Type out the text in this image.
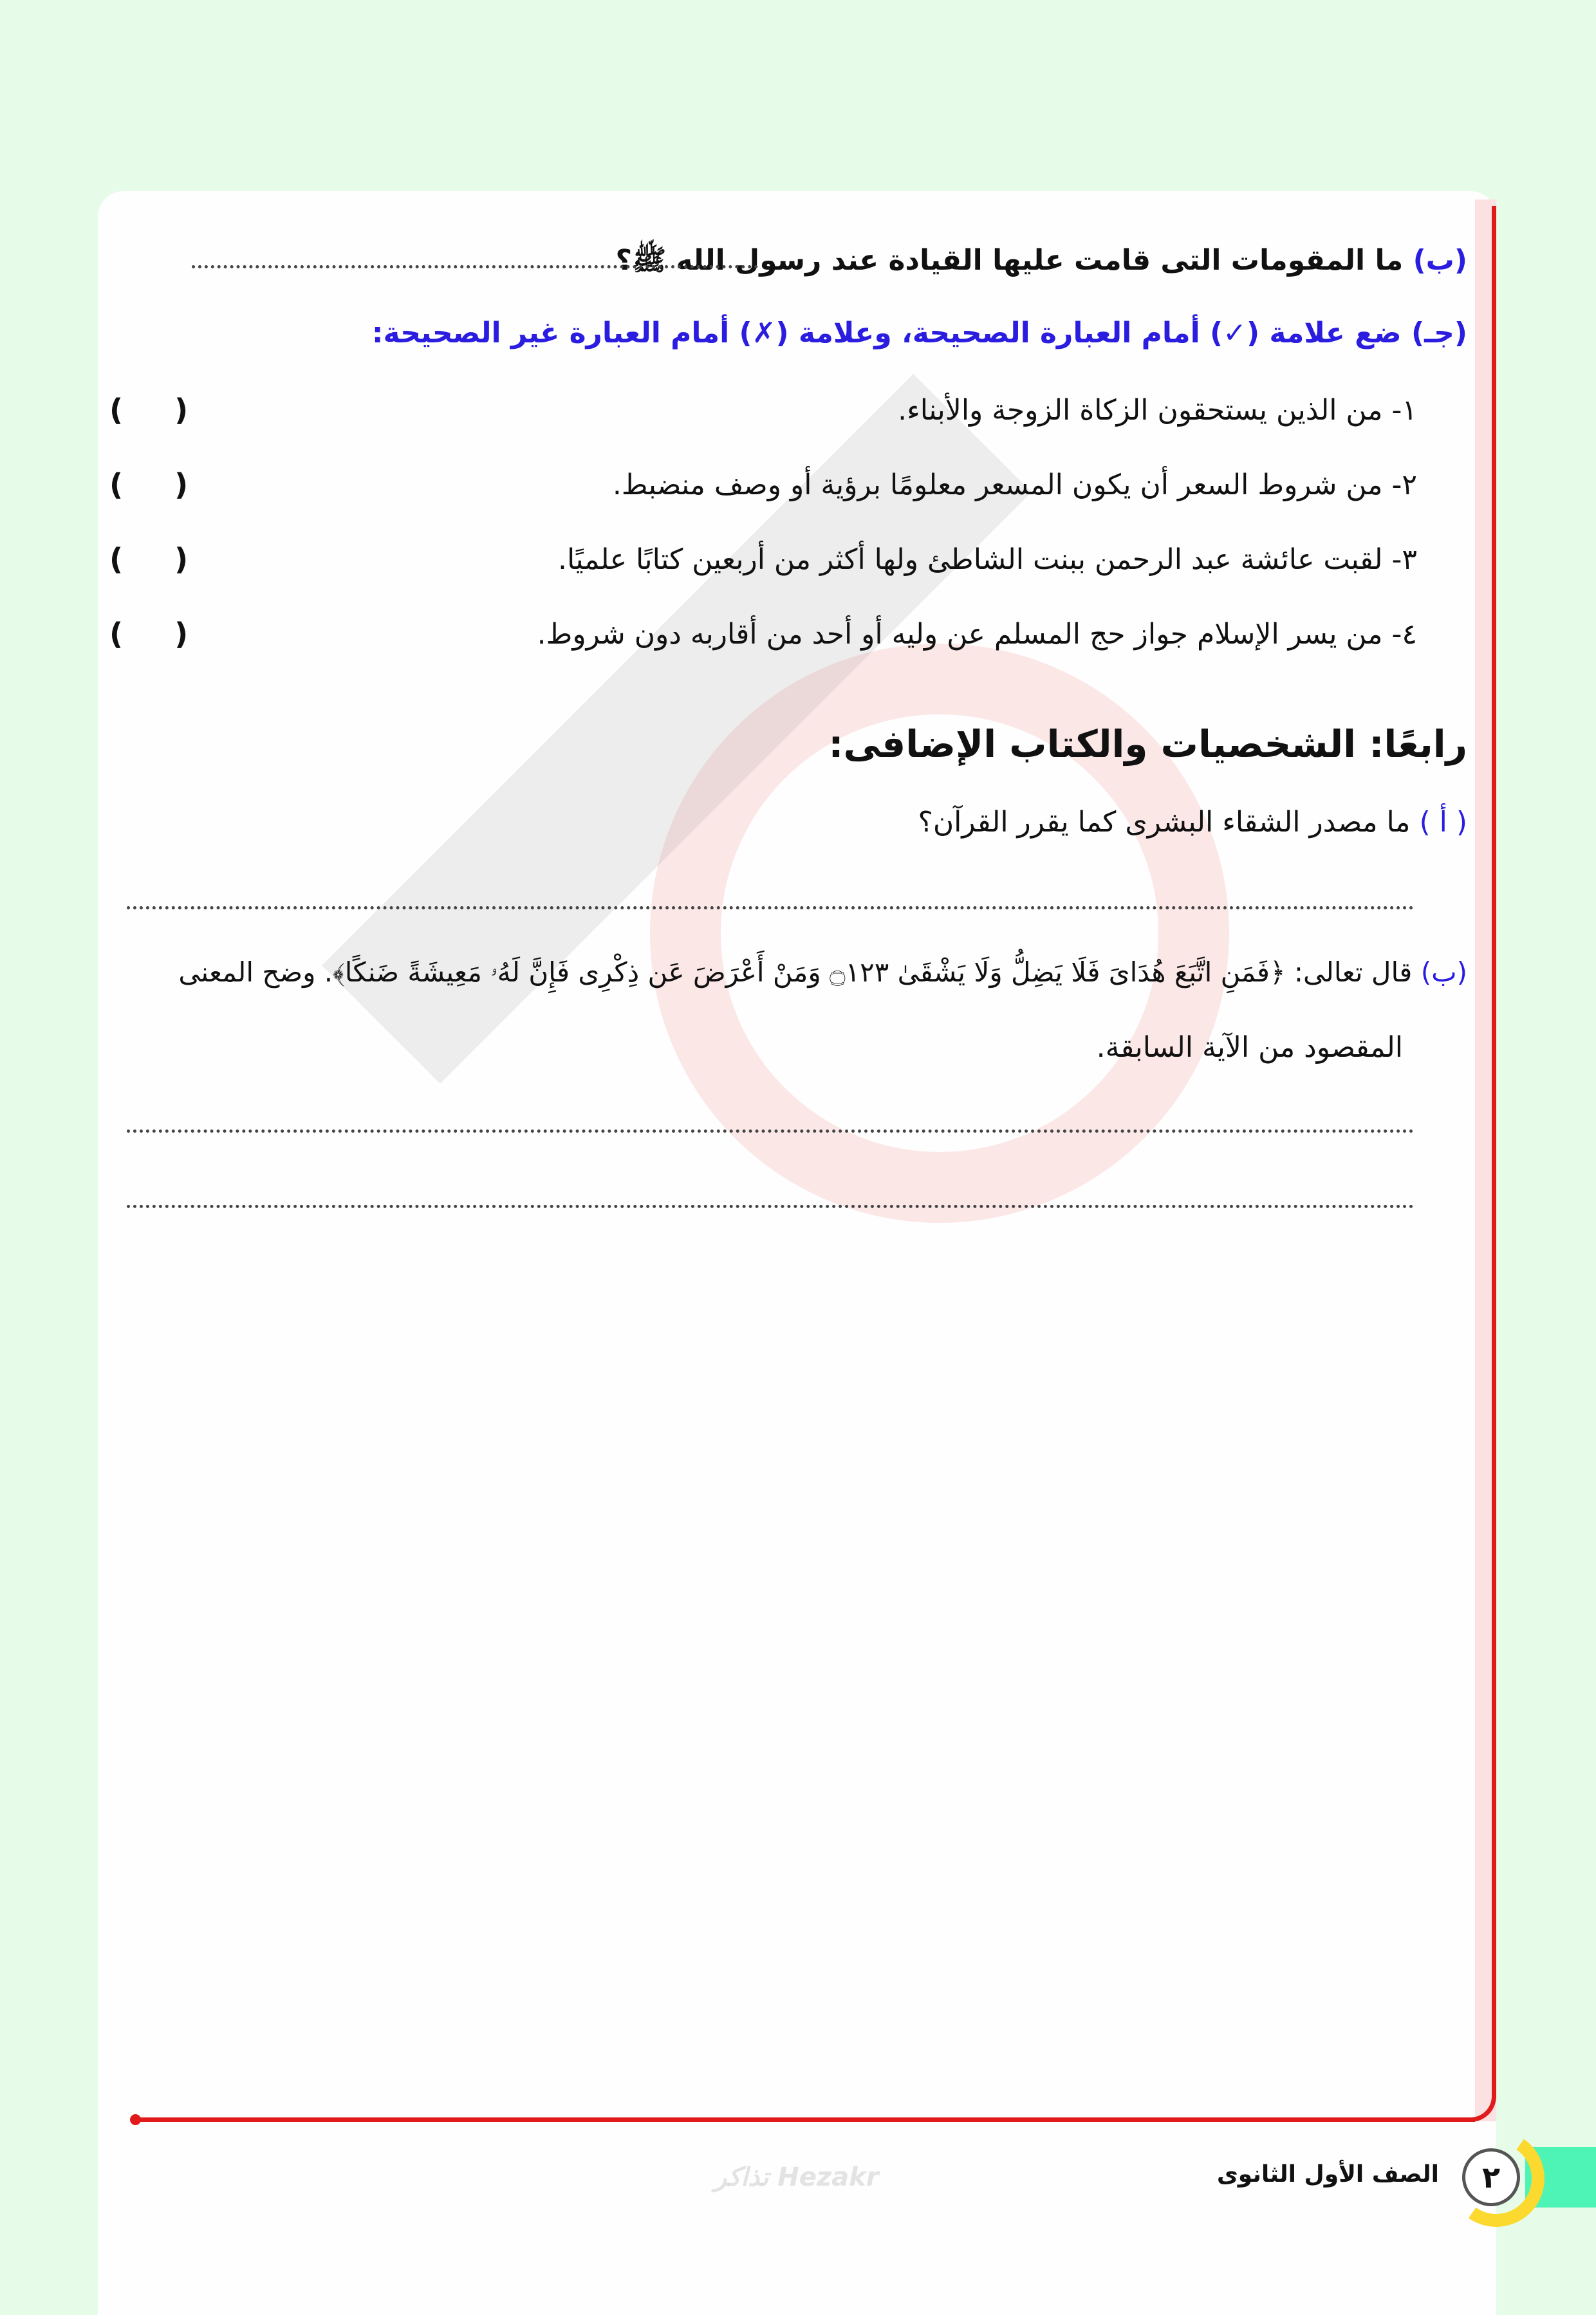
(ب) ما المقومات التى قامت عليها القيادة عند رسول الله ﷺ؟
(جـ) ضع علامة (✓) أمام العبارة الصحيحة، وعلامة (✗) أمام العبارة غير الصحيحة:
١- من الذين يستحقون الزكاة الزوجة والأبناء.
(     )
٢- من شروط السعر أن يكون المسعر معلومًا برؤية أو وصف منضبط.
(     )
٣- لقبت عائشة عبد الرحمن ببنت الشاطئ ولها أكثر من أربعين كتابًا علميًا.
(     )
٤- من يسر الإسلام جواز حج المسلم عن وليه أو أحد من أقاربه دون شروط.
(     )
رابعًا: الشخصيات والكتاب الإضافى:
( أ ) ما مصدر الشقاء البشرى كما يقرر القرآن؟
(ب) قال تعالى: ﴿فَمَنِ اتَّبَعَ هُدَاىَ فَلَا يَضِلُّ وَلَا يَشْقَىٰ ۝١٢٣ وَمَنْ أَعْرَضَ عَن ذِكْرِى فَإِنَّ لَهُۥ مَعِيشَةً ضَنكًا﴾. وضح المعنى
المقصود من الآية السابقة.
٢
الصف الأول الثانوى
تذاكر Hezakr
